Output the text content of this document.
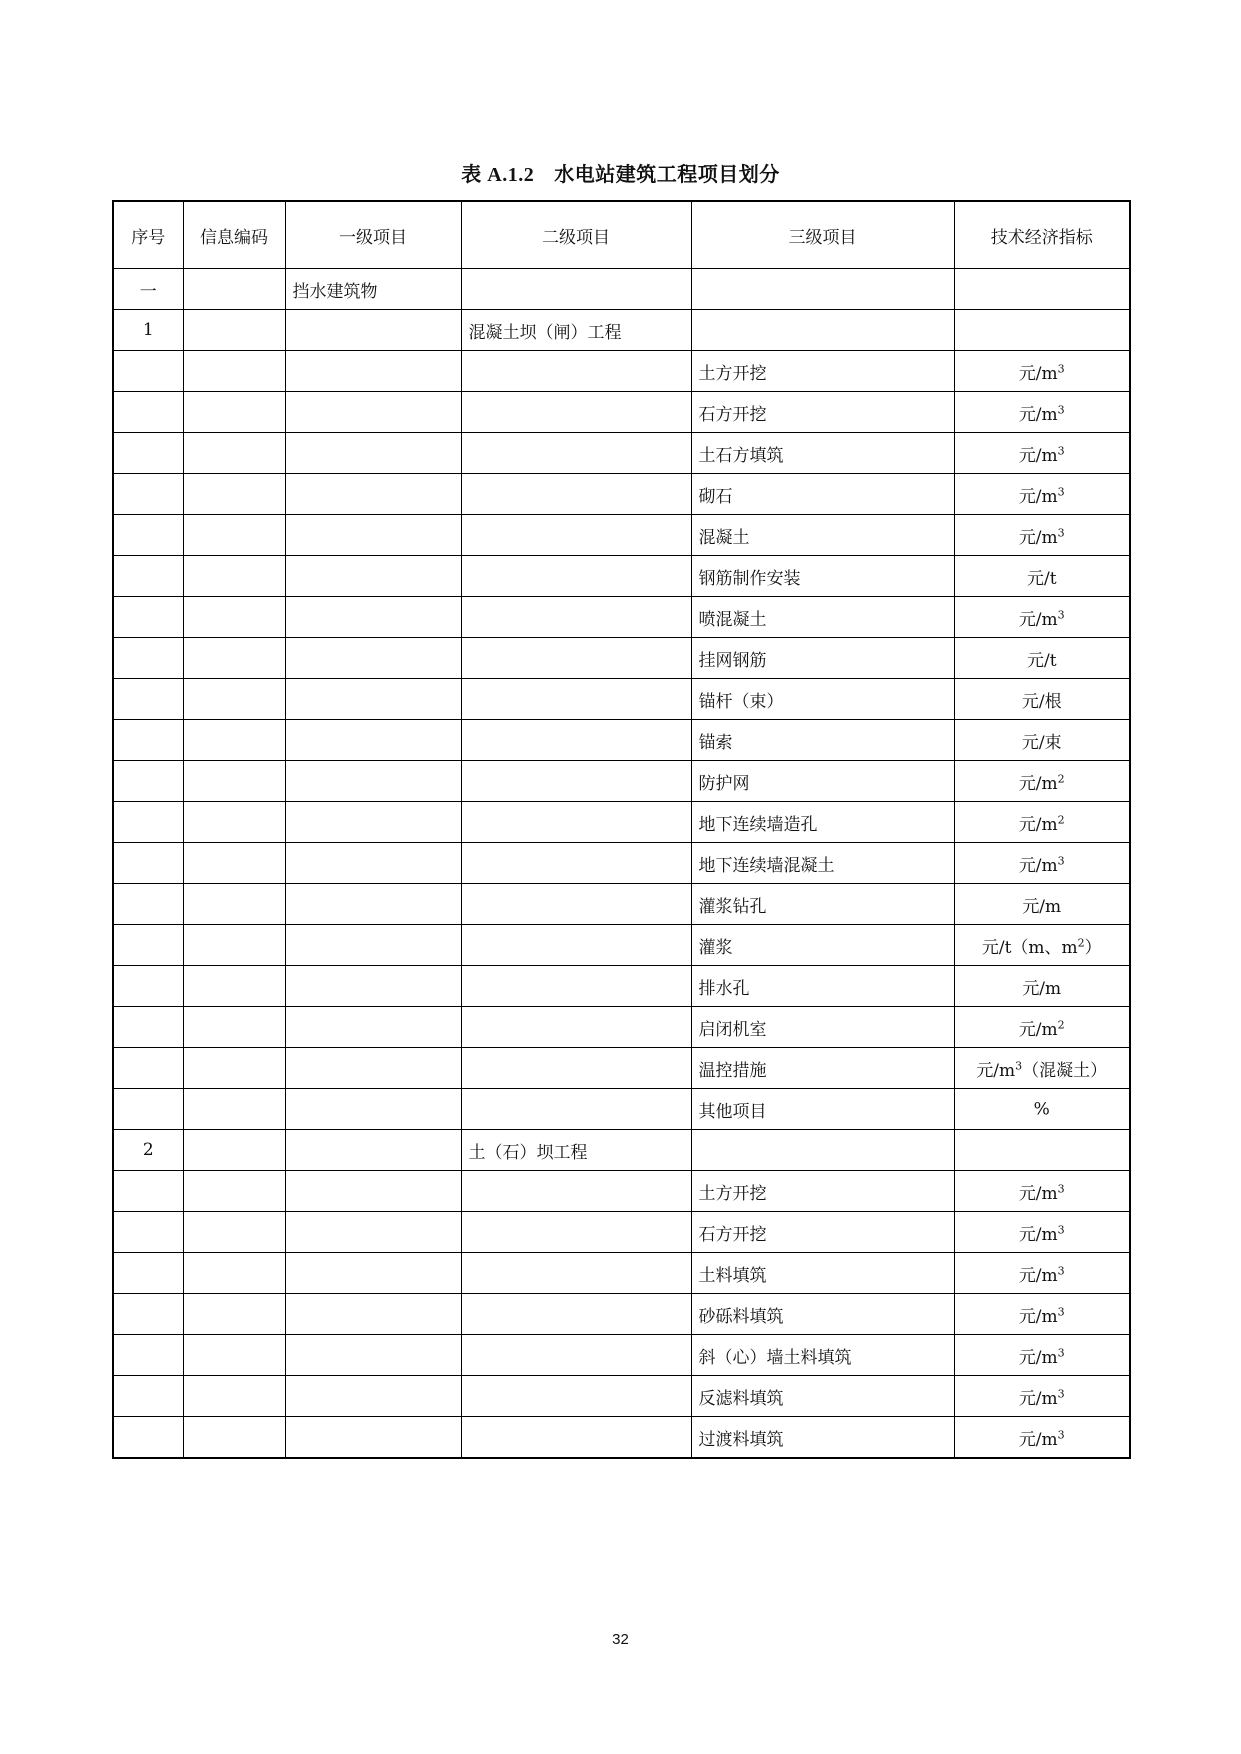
表 A.1.2 水电站建筑工程项目划分
序号	信息编码	一级项目	二级项目	三级项目	技术经济指标
一		挡水建筑物			
1			混凝土坝（闸）工程		
				土方开挖	元$/m^3$
				石方开挖	元$/m^3$
				土石方填筑	元$/m^3$
				砌石	元$/m^3$
				混凝土	元$/m^3$
				钢筋制作安装	元/t
				喷混凝土	元$/m^3$
				挂网钢筋	元/t
				锚杆（束）	元/根
				锚索	元/束
				防护网	元$/m^2$
				地下连续墙造孔	元$/m^2$
				地下连续墙混凝土	元$/m^3$
				灌浆钻孔	元/m
				灌浆	元/t（m、$m^2$）
				排水孔	元/m
				启闭机室	元$/m^2$
				温控措施	元$/m^3$（混凝土）
				其他项目	%
2			土（石）坝工程		
				土方开挖	元$/m^3$
				石方开挖	元$/m^3$
				土料填筑	元$/m^3$
				砂砾料填筑	元$/m^3$
				斜（心）墙土料填筑	元$/m^3$
				反滤料填筑	元$/m^3$
				过渡料填筑	元$/m^3$
32
